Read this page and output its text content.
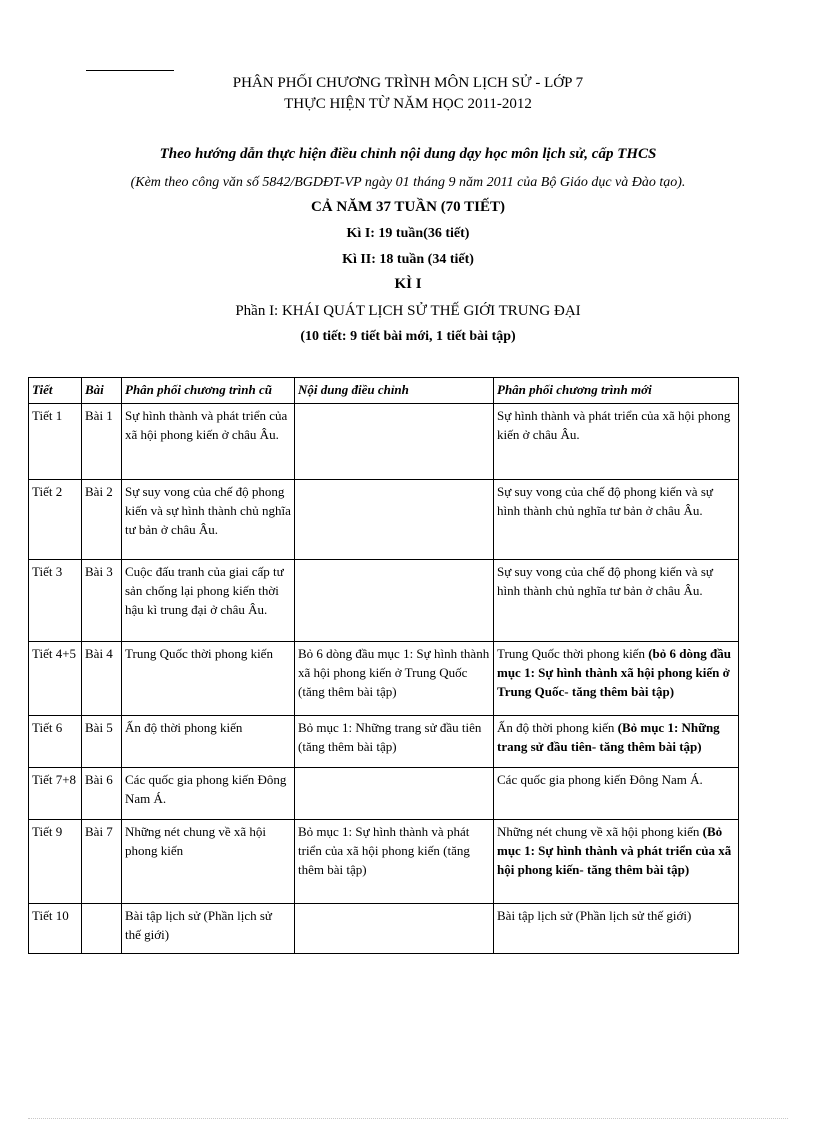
PHÂN PHỐI CHƯƠNG TRÌNH MÔN LỊCH SỬ - LỚP 7
THỰC HIỆN TỪ NĂM HỌC 2011-2012
Theo hướng dẫn thực hiện điều chỉnh nội dung dạy học môn lịch sử, cấp THCS
(Kèm theo công văn số 5842/BGDĐT-VP ngày 01 tháng 9 năm 2011 của Bộ Giáo dục và Đào tạo).
CẢ NĂM 37 TUẦN (70 TIẾT)
Kì I: 19 tuần(36 tiết)
Kì II: 18 tuần (34 tiết)
KÌ I
Phần I: KHÁI QUÁT LỊCH SỬ THẾ GIỚI TRUNG ĐẠI
(10 tiết: 9 tiết bài mới, 1 tiết bài tập)
Tiết	Bài	Phân phối chương trình cũ	Nội dung điều chỉnh	Phân phối chương trình mới
Tiết 1	Bài 1	Sự hình thành và phát triển của xã hội phong kiến ở châu Âu.		Sự hình thành và phát triển của xã hội phong kiến ở châu Âu.
Tiết 2	Bài 2	Sự suy vong của chế độ phong kiến và sự hình thành chủ nghĩa tư bản ở châu Âu.		Sự suy vong của chế độ phong kiến và sự hình thành chủ nghĩa tư bản ở châu Âu.
Tiết 3	Bài 3	Cuộc đấu tranh của giai cấp tư sản chống lại phong kiến thời hậu kì trung đại ở châu Âu.		Sự suy vong của chế độ phong kiến và sự hình thành chủ nghĩa tư bản ở châu Âu.
Tiết 4+5	Bài 4	Trung Quốc thời phong kiến	Bỏ 6 dòng đầu mục 1: Sự hình thành xã hội phong kiến ở Trung Quốc (tăng thêm bài tập)	Trung Quốc thời phong kiến (bỏ 6 dòng đầu mục 1: Sự hình thành xã hội phong kiến ở Trung Quốc- tăng thêm bài tập)
Tiết 6	Bài 5	Ấn độ thời phong kiến	Bỏ mục 1: Những trang sử đầu tiên (tăng thêm bài tập)	Ấn độ thời phong kiến (Bỏ mục 1: Những trang sử đầu tiên- tăng thêm bài tập)
Tiết 7+8	Bài 6	Các quốc gia phong kiến Đông Nam Á.		Các quốc gia phong kiến Đông Nam Á.
Tiết 9	Bài 7	Những nét chung về xã hội phong kiến	Bỏ mục 1: Sự hình thành và phát triển của xã hội phong kiến (tăng thêm bài tập)	Những nét chung về xã hội phong kiến (Bỏ mục 1: Sự hình thành và phát triển của xã hội phong kiến- tăng thêm bài tập)
Tiết 10		Bài tập lịch sử (Phần lịch sử thế giới)		Bài tập lịch sử (Phần lịch sử thế giới)
